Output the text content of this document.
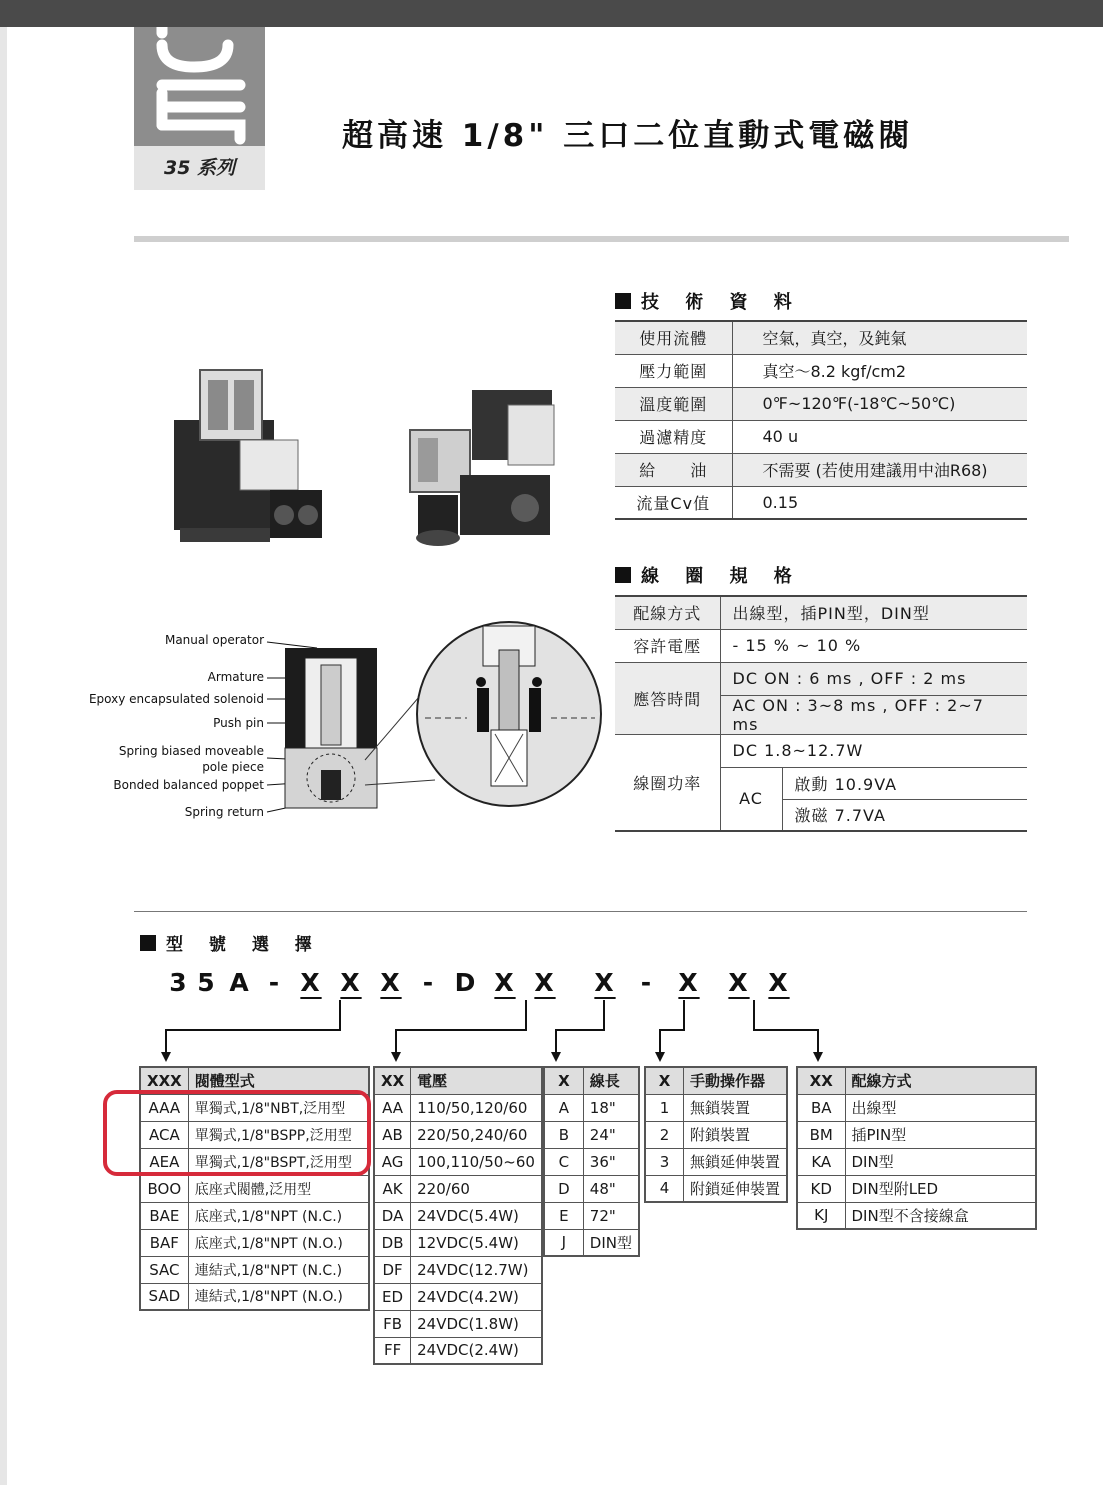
35 系列
超高速 1/8" 三口二位直動式電磁閥
技 術 資 料
使用流體	空氣，真空，及鈍氣
壓力範圍	真空～8.2 kgf/cm2
溫度範圍	0℉~120℉(-18℃~50℃)
過濾精度	40 u
給　　油	不需要 (若使用建議用中油R68)
流量Cv值	0.15
線 圈 規 格
配線方式	出線型，插PIN型，DIN型	
容許電壓	- 15 % ~ 10 %	
應答時間	DC ON : 6 ms , OFF : 2 ms	
	AC ON : 3~8 ms , OFF : 2~7 ms	
線圈功率	DC 1.8~12.7W	
	AC	啟動 10.9VA
		激磁 7.7VA
Manual operator
Armature
Epoxy encapsulated solenoid
Push pin
Spring biased moveable
pole piece
Bonded balanced poppet
Spring return
型 號 選 擇
3 5 A - X X X - D X X X - X X X
XXX	閥體型式
AAA	單獨式,1/8"NBT,泛用型
ACA	單獨式,1/8"BSPP,泛用型
AEA	單獨式,1/8"BSPT,泛用型
BOO	底座式閥體,泛用型
BAE	底座式,1/8"NPT (N.C.)
BAF	底座式,1/8"NPT (N.O.)
SAC	連結式,1/8"NPT (N.C.)
SAD	連結式,1/8"NPT (N.O.)
XX	電壓
AA	110/50,120/60
AB	220/50,240/60
AG	100,110/50~60
AK	220/60
DA	24VDC(5.4W)
DB	12VDC(5.4W)
DF	24VDC(12.7W)
ED	24VDC(4.2W)
FB	24VDC(1.8W)
FF	24VDC(2.4W)
X	線長
A	18"
B	24"
C	36"
D	48"
E	72"
J	DIN型
X	手動操作器
1	無鎖裝置
2	附鎖裝置
3	無鎖延伸裝置
4	附鎖延伸裝置
XX	配線方式
BA	出線型
BM	插PIN型
KA	DIN型
KD	DIN型附LED
KJ	DIN型不含接線盒
